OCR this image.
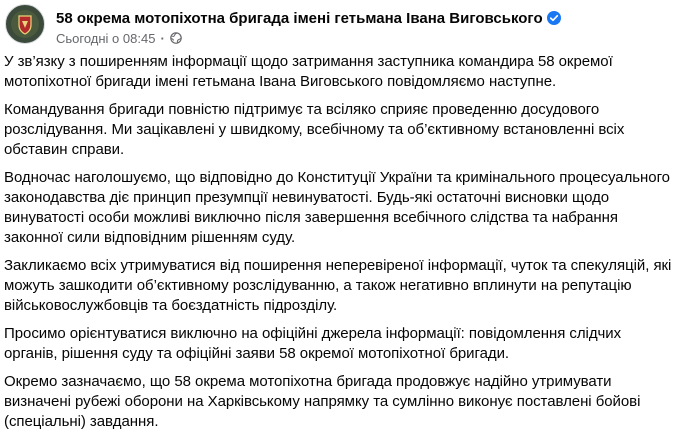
58 окрема мотопіхотна бригада імені гетьмана Івана Виговського
Сьогодні о 08:45 ·

У зв’язку з поширенням інформації щодо затримання заступника командира 58 окремої мотопіхотної бригади імені гетьмана Івана Виговського повідомляємо наступне.

Командування бригади повністю підтримує та всіляко сприяє проведенню досудового розслідування. Ми зацікавлені у швидкому, всебічному та об’єктивному встановленні всіх обставин справи.

Водночас наголошуємо, що відповідно до Конституції України та кримінального процесуального законодавства діє принцип презумпції невинуватості. Будь-які остаточні висновки щодо винуватості особи можливі виключно після завершення всебічного слідства та набрання законної сили відповідним рішенням суду.

Закликаємо всіх утримуватися від поширення неперевіреної інформації, чуток та спекуляцій, які можуть зашкодити об’єктивному розслідуванню, а також негативно вплинути на репутацію військовослужбовців та боєздатність підрозділу.

Просимо орієнтуватися виключно на офіційні джерела інформації: повідомлення слідчих органів, рішення суду та офіційні заяви 58 окремої мотопіхотної бригади.

Окремо зазначаємо, що 58 окрема мотопіхотна бригада продовжує надійно утримувати визначені рубежі оборони на Харківському напрямку та сумлінно виконує поставлені бойові (спеціальні) завдання.
